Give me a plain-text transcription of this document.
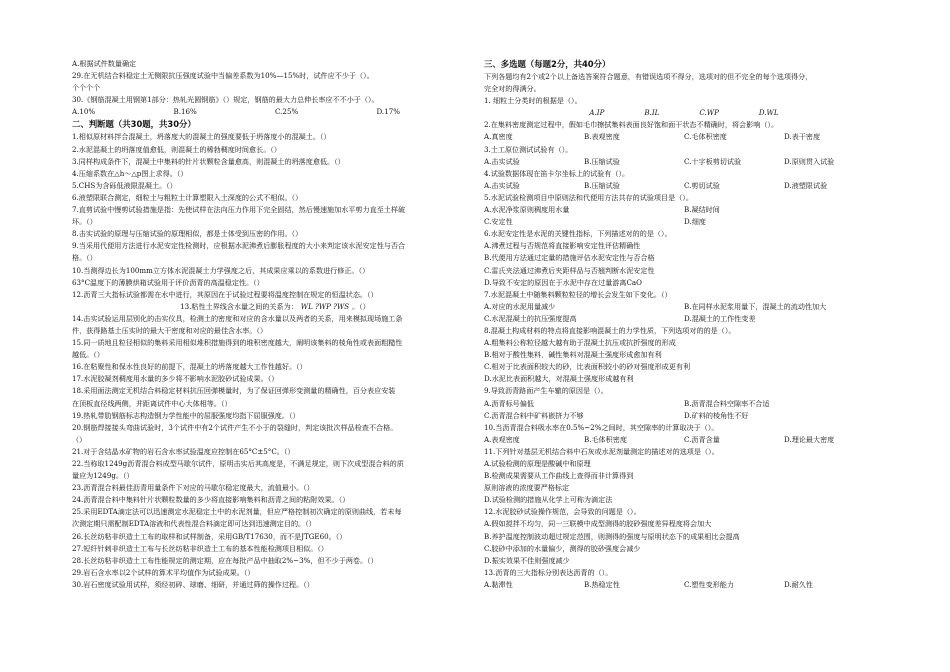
A.根据试件数量确定
29.在无机结合料稳定土无侧限抗压强度试验中当偏差系数为10%—15%时，试件应不少于（）。
个个个个
30.《钢筋混凝土用钢第1部分：热轧光圆钢筋》（）规定，钢筋的最大力总伸长率应不不小于（）。
A.10%	B.16%	C.25%	D.17%
二、判断题（共30题，共30分）
1.相似原材料拌合混凝土，坍落度大的混凝土的强度要低于坍落度小的混凝土。（）
2.水泥混凝土的坍落度值愈低，则混凝土的稀勃稠度时间愈长。（）
3.同样构成条件下，混凝土中集料的针片状颗粒含量愈高，则混凝土的坍落度愈低。（）
4.压缩系数在△h～△p图上求得。（）
5.CHS为含砾低液限混凝土。（）
6.液塑限联合测定，细粒土与粗粒土计算塑限入土深度的公式不相似。（）
7.直剪试验中慢剪试验措施是指：先使试样在法向压力作用下完全固结，然后慢速施加水平剪力直至土样破
坏。（）
8.击实试验的原理与压缩试验的原理相似，都是土体受到压密的作用。（）
9.当采用代便用方法进行水泥安定性检测时，应根据水泥沸煮后膨胀程度的大小来判定该水泥安定性与否合
格。（）
10.当测得边长为100mm立方体水泥混凝土力学强度之后，其成果应乘以的系数进行修正。（）
63°C温度下的薄膜烘箱试验用于评价沥青的高温稳定性。（）
12.沥青三大指标试验都需在水中进行，其原因在于试验过程要将温度控制在规定的恒温状态。（）
13.粘性土界线含水量之间的关系为： WL ?WP ?WS 。（）
14.击实试验运用层别化的击实仪具，检测土的密度和对应的含水量以及两者的关系，用来模拟现场施工条
件，获得路基土压实时的最大干密度和对应的最佳含水率。（）
15.同一质地且粒径相似的集料采用相似堆积措施得到的堆积密度越大，阐明该集料的棱角性或表面粗糙性
越低。（）
16.在粘聚性和保水性良好的前提下，混凝土的坍落度越大工作性越好。（）
17.水泥胶凝剂稠度用水量的多少将不影响水泥胶砂试验成果。（）
18.采用面法测定无机结合料稳定材料抗压回弹模量时，为了保证回弹形变测量的精确性，百分表应安装
在顶板直径线两侧，并距离试件中心大体相等。（）
19.热轧带肋钢筋标志构造钢力学性能中的屈服强度均指下屈服强度。（）
20.钢筋焊接接头弯曲试验时，3个试件中有2个试件产生不小于的裂缝时，判定该批次样品检查不合格。
（）
21.对于含结晶水矿物的岩石含水率试验温度应控制在65°C±5°C。（）
22.当称取1249g沥青混合料成型马歇尔试件，原明击实后其高度是，不满足规定，则下次成型混合料的质
量应为1249g。（）
23.沥青混合料最佳沥青用量条件下对应的马歇尔稳定度最大，流值最小。（）
24.沥青混合料中集料针片状颗粒数量的多少将直接影响集料和沥青之间的粘附效果。（）
25.采用EDTA滴定法可以迅速测定水泥稳定土中的水泥剂量，但应严格控制初次确定的原则曲线，若未每
次测定期只需配制EDTA溶液和代表性混合料滴定即可达到迅速测定目的。（）
26.长丝纺粘非织造土工布的取样和试样制备，采用GB/T17630，而不是JTGE60。（）
27.短纤针刺非织造土工布与长丝纺粘非织造土工布的基本性能检测项目相似。（）
28.长丝纺粘非织造土工布性能规定的测定期，应在每批产品中抽取2%~3%，但不少于两卷。（）
29.岩石含水率以2个试样的算术平均值作为试验成果。（）
30.岩石密度试验用试样，须经初碎、球磨、细研，并通过筛的操作过程。（）
三、多选题（每题2分，共40分）
下列各题均有2个或2个以上备选答案符合题意，有错误选项不得分，选项对的但不完全的每个选项得分，
完全对的得满分。
1. 细粒土分类时的根据是（）。
A.IP	B.IL	C.WP	D.WL
2.在集料密度测定过程中，假如毛巾擦拭集料表面良好饱和面干状态不精确时，将会影响（）。
A.真密度	B.表观密度	C.毛体积密度	D.表干密度
3.土工原位测试试验有（）。
A.击实试验	B.压缩试验	C.十字板剪切试验	D.原则贯入试验
4.试验数据体现在笛卡尔坐标上的试验有（）。
A.击实试验	B.压缩试验	C.剪切试验	D.液塑限试验
5.水泥试验检测项目中原则法和代便用方法共存的试验项目是（）。
A.水泥净浆原则稠度用水量	B.凝结时间
C.安定性	D.细度
6.水泥安定性是水泥的关键性指标，下列描述对的的是（）。
A.沸煮过程与否规范将直接影响安定性评估精确性
B.代便用方法通过定量的措施评估水泥安定性与否合格
C.雷氏夹法通过沸煮后夹距样品与否翘判断水泥安定性
D.导致不安定的原因在于水泥中存在过量游离CaO
7.水泥混凝土中随集料颗粒粒径的增长会发生如下变化。（）
A.对应的水泥用量减少	B.在同样水泥浆用量下，混凝土的流动性加大
C.水泥混凝土的抗压强度提高	D.混凝土的工作性变差
8.混凝土构成材料的特点将直接影响混凝土的力学性质，下列选项对的的是（）。
A.粗集料公称粒径越大越有助于混凝土抗压或抗折强度的形成
B.相对于酸性集料，碱性集料对混凝土强度形成愈加有利
C.相对于比表面积较大的砂，比表面积较小的砂对强度形成更有利
D.水泥比表面积越大，对混凝土强度形成越有利
9.导致沥青路面产生车辙的原因是（）。
A.沥青标号偏低	B.沥青混合料空隙率不合适
C.沥青混合料中矿料嵌挤力不够	D.矿料的棱角性不好
10.当沥青混合料吸水率在0.5%~2%之间时，其空隙率的计算取决于（）。
A.表观密度	B.毛体积密度	C.沥青含量	D.理论最大密度
11.下列针对基层无机结合料中石灰或水泥剂量测定的描述对的选项是（）。
A.试验检测的原理是酸碱中和原理
B.检测成果需要从工作曲线上查得而非计算得到
原则溶液的浓度要严格标定
D.试验检测的措施从化学上可称为滴定法
12.水泥胶砂试验操作规范，会导致的问题是（）。
A.假如搅拌不均匀，同一三联模中成型测得的胶砂强度差异程度将会加大
B.养护温度控制波动超过规定范围，则测得的强度与原明状态下的成果相比会提高
C.胶砂中添加的水量偏少，测得的胶砂强度会减少
D.振实效果不佳则强度减少
13.沥青的三大指标分别表达沥青的（）。
A.黏滞性	B.热稳定性	C.塑性变形能力	D.耐久性
